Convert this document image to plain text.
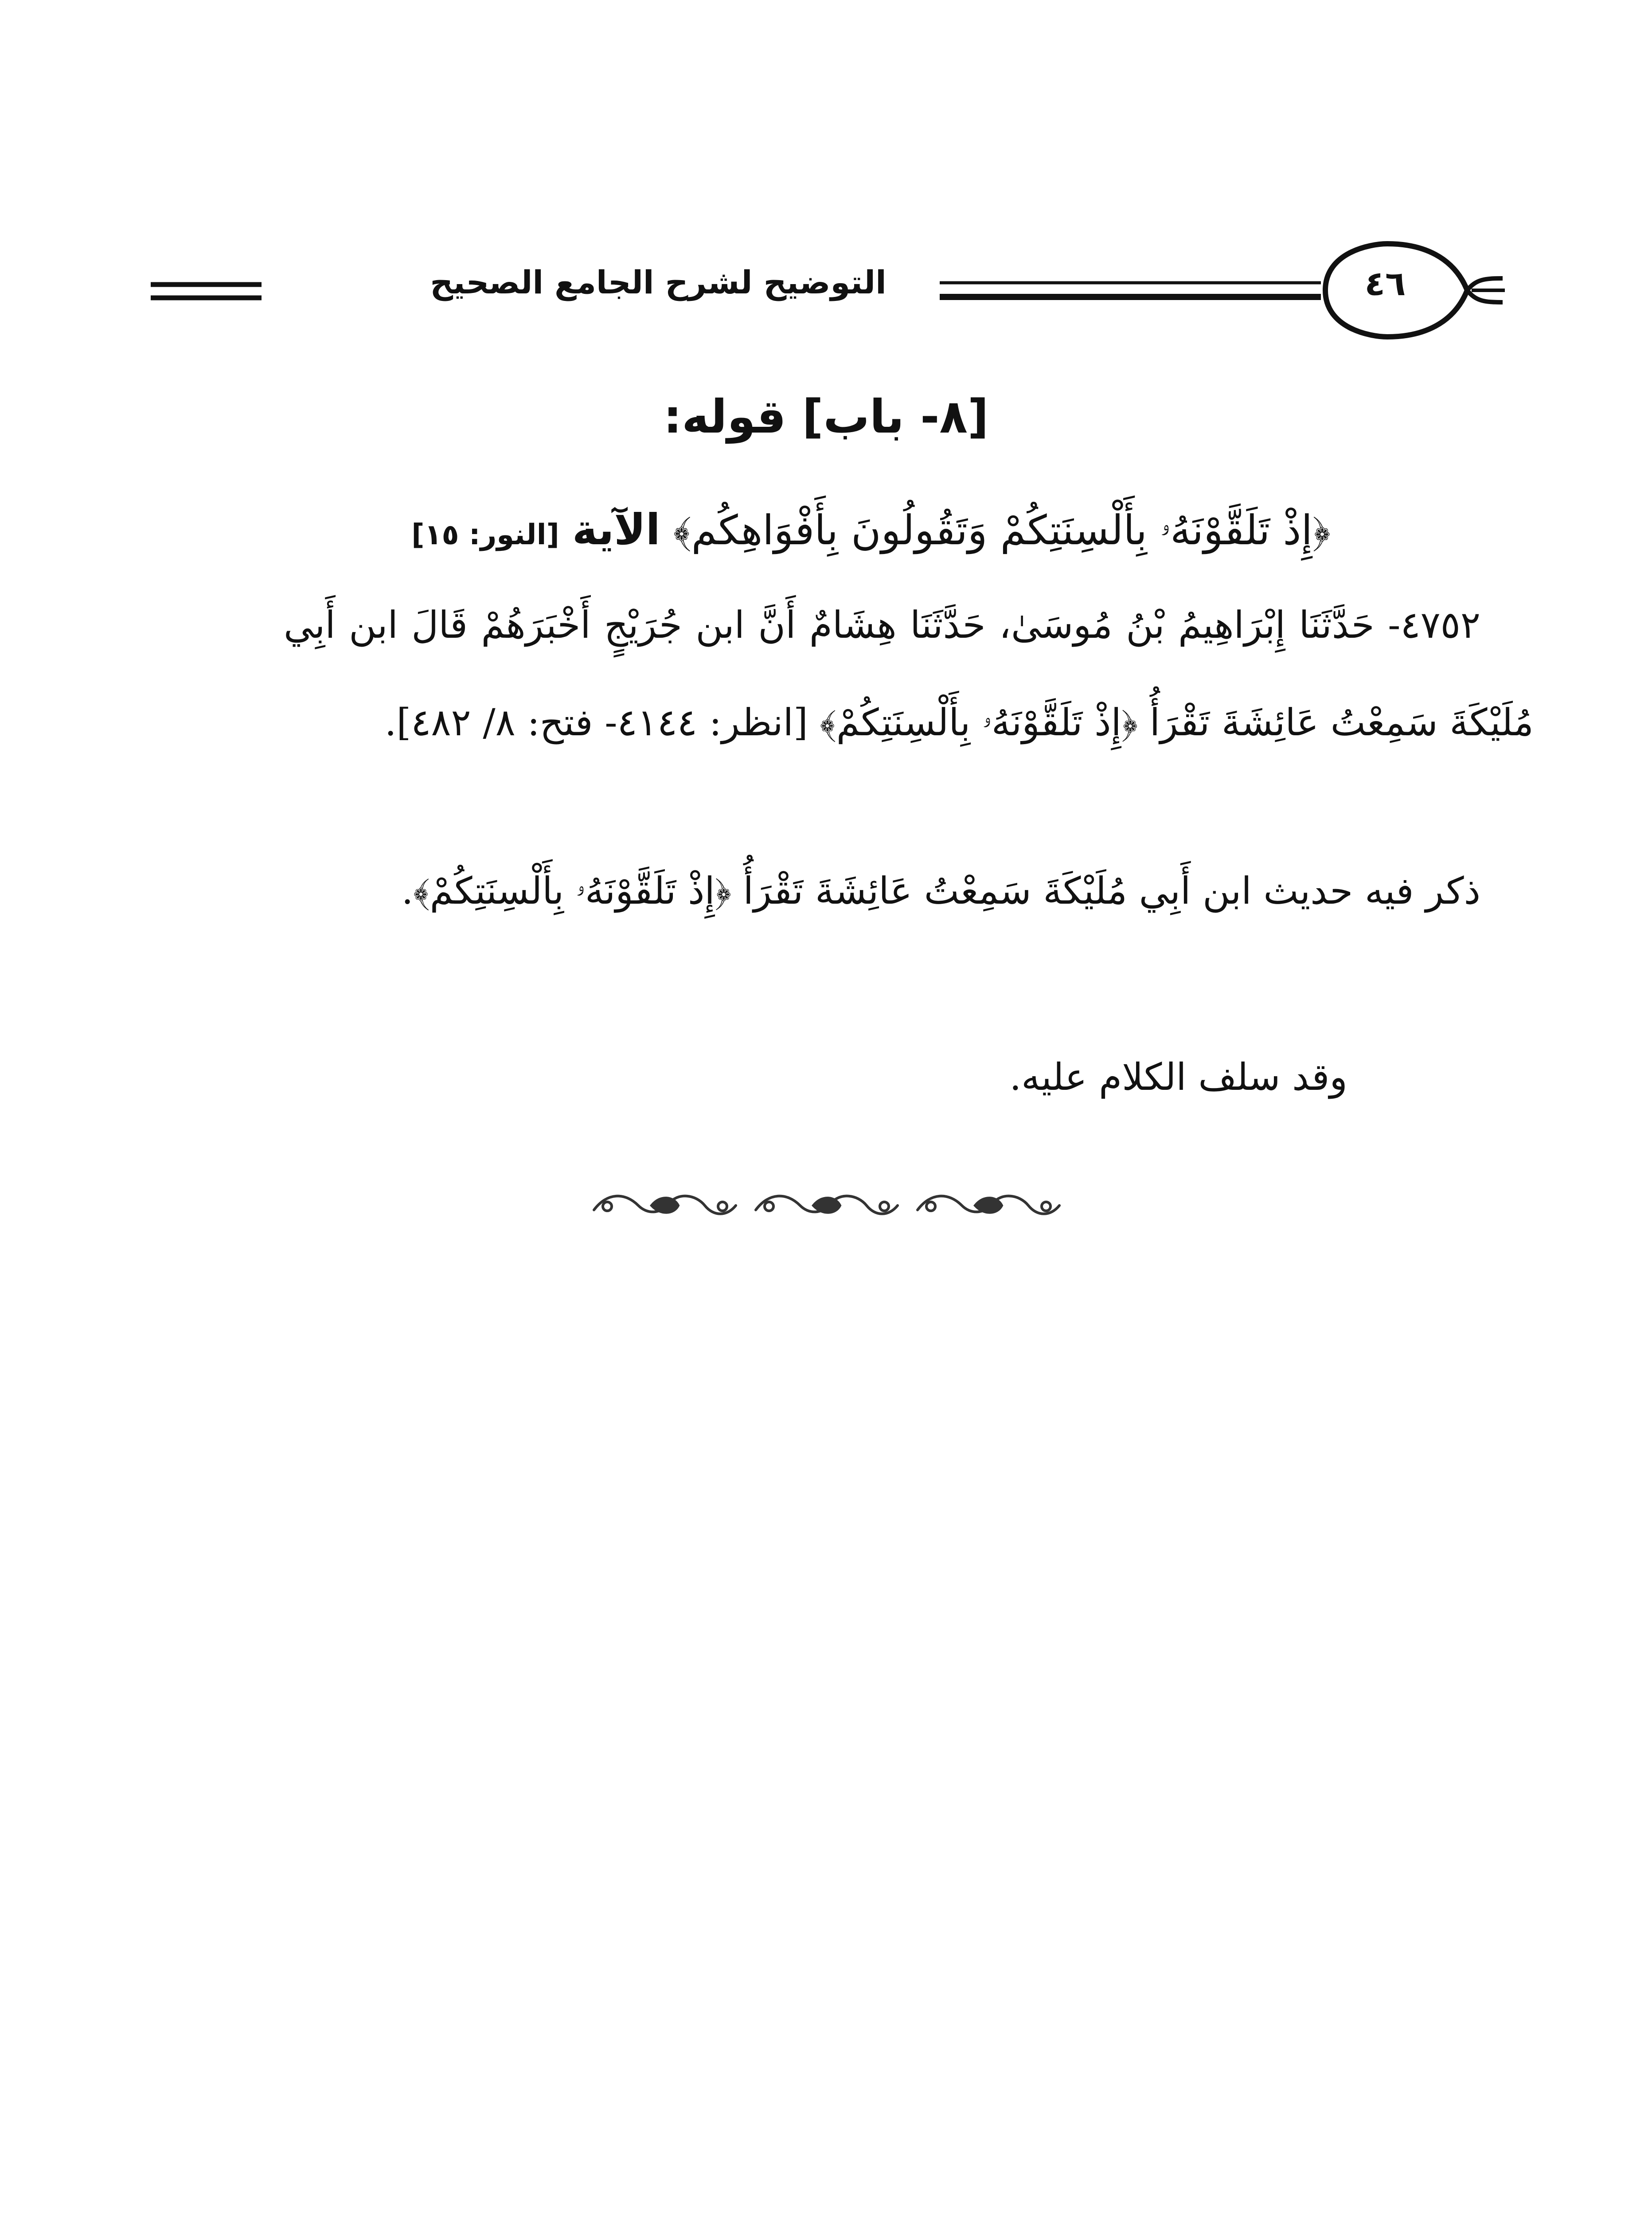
٤٦
التوضيح لشرح الجامع الصحيح
[٨- باب] قوله:
﴿إِذْ تَلَقَّوْنَهُۥ بِأَلْسِنَتِكُمْ وَتَقُولُونَ بِأَفْوَاهِكُم﴾ الآية [النور: ١٥]
٤٧٥٢- حَدَّثَنَا إِبْرَاهِيمُ بْنُ مُوسَىٰ، حَدَّثَنَا هِشَامٌ أَنَّ ابن جُرَيْجٍ أَخْبَرَهُمْ قَالَ ابن أَبِي مُلَيْكَةَ سَمِعْتُ عَائِشَةَ تَقْرَأُ ﴿إِذْ تَلَقَّوْنَهُۥ بِأَلْسِنَتِكُمْ﴾ [انظر: ٤١٤٤- فتح: ٨/ ٤٨٢].
ذكر فيه حديث ابن أَبِي مُلَيْكَةَ سَمِعْتُ عَائِشَةَ تَقْرَأُ ﴿إِذْ تَلَقَّوْنَهُۥ بِأَلْسِنَتِكُمْ﴾.
وقد سلف الكلام عليه.
